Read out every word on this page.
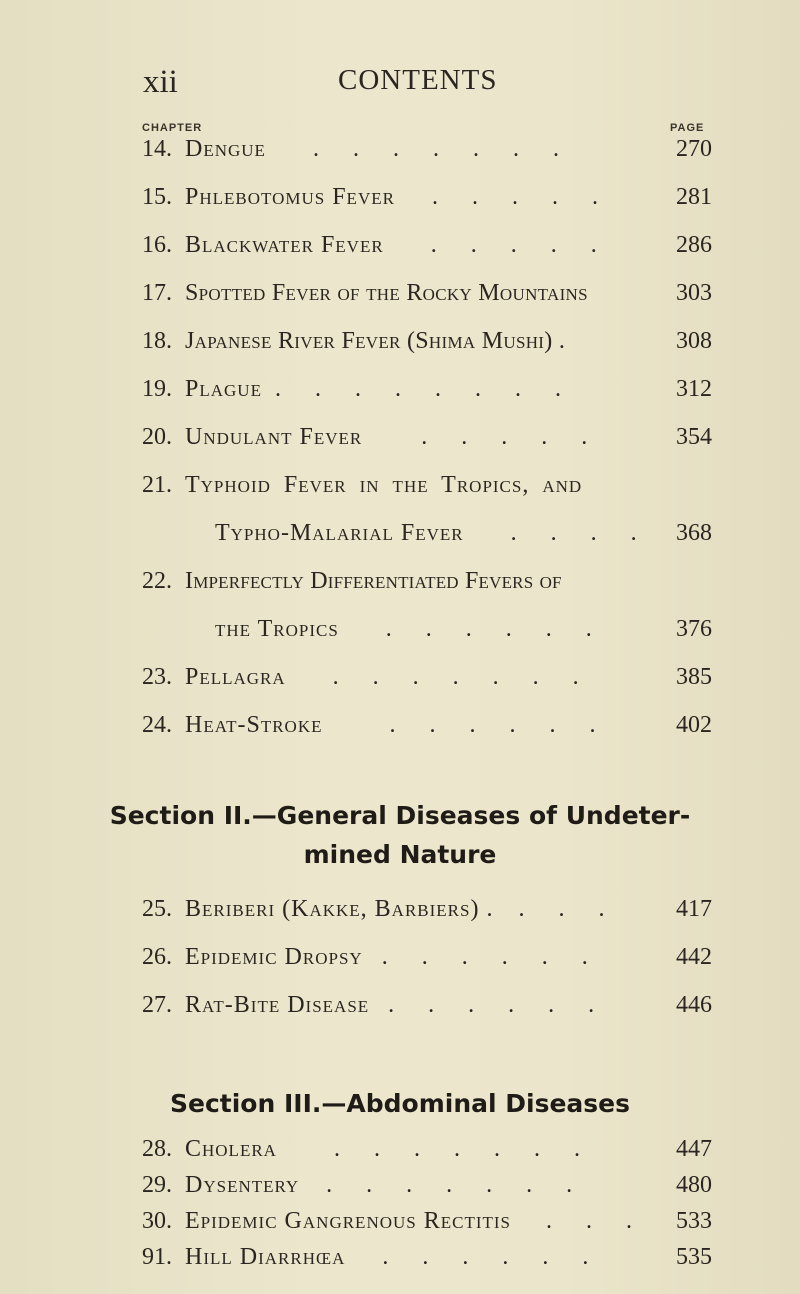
xii	CONTENTS
CHAPTER	PAGE
14. Dengue . . . . . . .	270
15. Phlebotomus Fever . . . . .	281
16. Blackwater Fever . . . . .	286
17. Spotted Fever of the Rocky Mountains	303
18. Japanese River Fever (Shima Mushi) .	308
19. Plague . . . . . . . .	312
20. Undulant Fever . . . . .	354
21. Typhoid Fever in the Tropics, and
Typho-Malarial Fever . . . . 368
22. Imperfectly Differentiated Fevers of
the Tropics . . . . . .	376
23. Pellagra . . . . . . .	385
24. Heat-Stroke	. . . . . .	402
Section II.—General Diseases of Undeter-
mined Nature
25. Beriberi (Kakke, Barbiers) . . . . 417
26. Epidemic Dropsy . . . . . .	442
27. Rat-Bite Disease . . . . . .	446
Section III.—Abdominal Diseases
28. Cholera . . . . . . .	447
29. Dysentery . . . . . . .	480
30. Epidemic Gangrenous Rectitis . . . 533
91. Hill Diarrhœa . . . . . .	535
